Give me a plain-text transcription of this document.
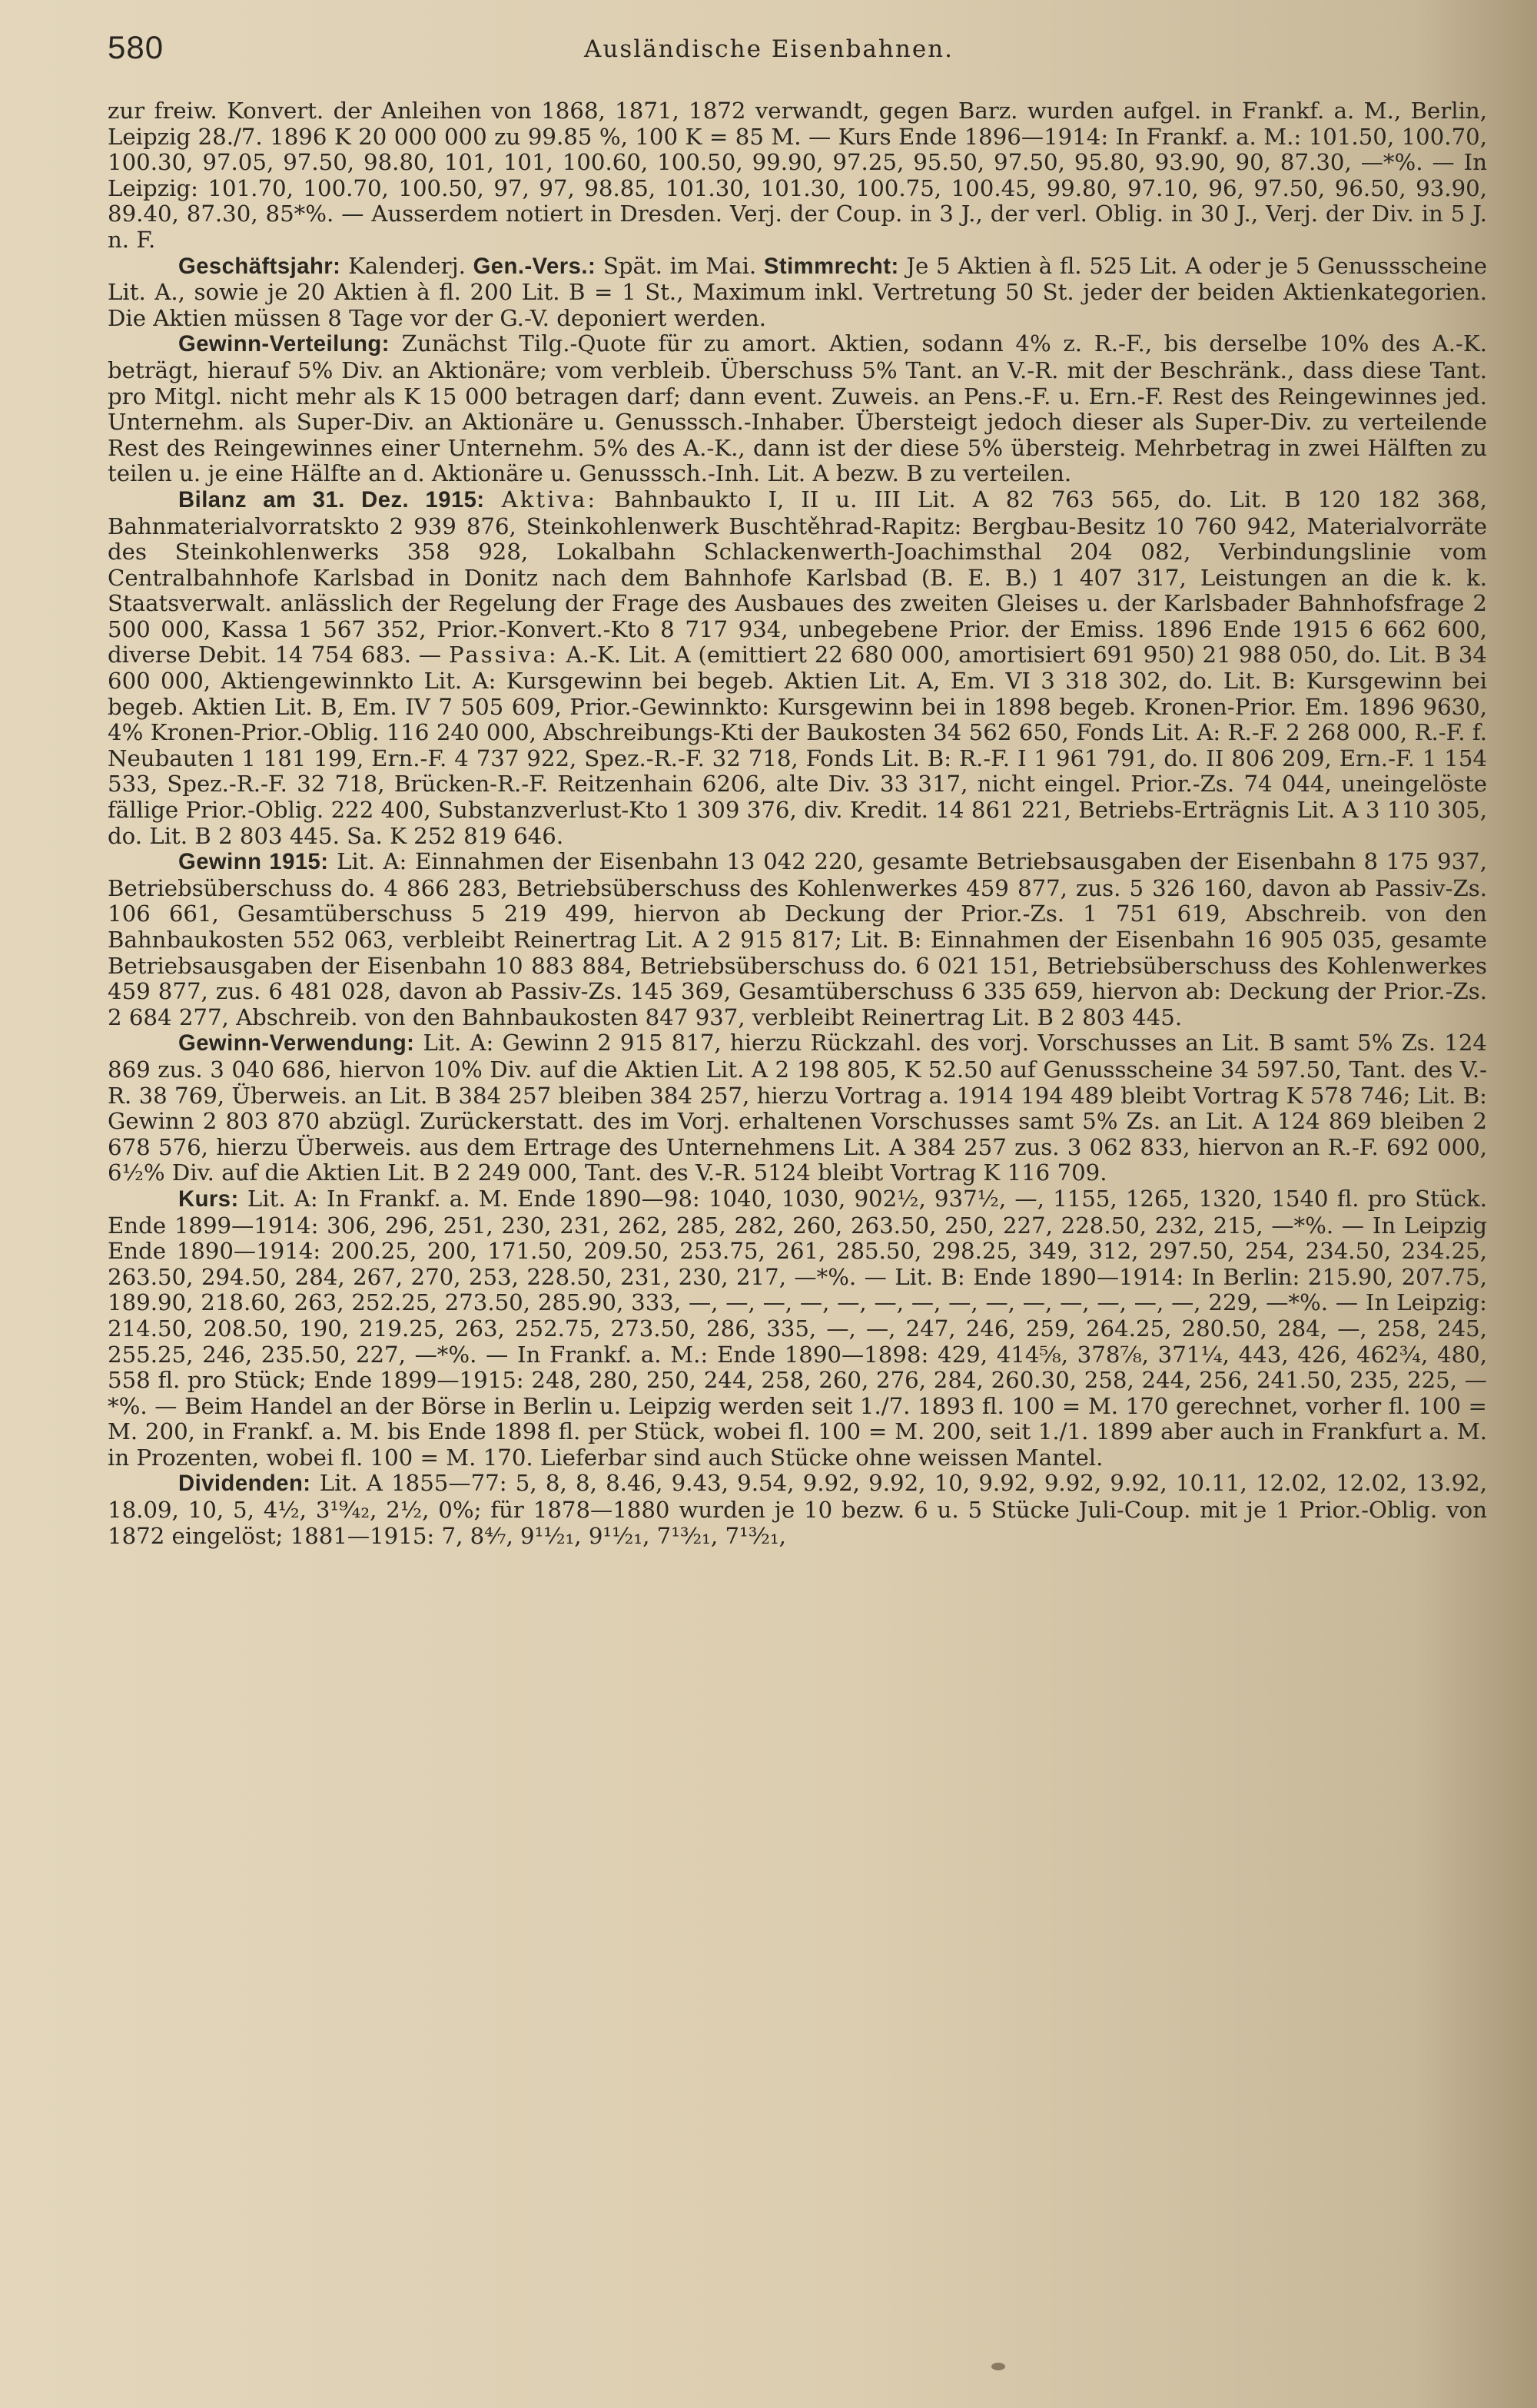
580	Ausländische Eisenbahnen.

zur freiw. Konvert. der Anleihen von 1868, 1871, 1872 verwandt, gegen Barz. wurden aufgel. in Frankf. a. M., Berlin, Leipzig 28./7. 1896 K 20 000 000 zu 99.85 %, 100 K = 85 M. — Kurs Ende 1896—1914: In Frankf. a. M.: 101.50, 100.70, 100.30, 97.05, 97.50, 98.80, 101, 101, 100.60, 100.50, 99.90, 97.25, 95.50, 97.50, 95.80, 93.90, 90, 87.30, —*%. — In Leipzig: 101.70, 100.70, 100.50, 97, 97, 98.85, 101.30, 101.30, 100.75, 100.45, 99.80, 97.10, 96, 97.50, 96.50, 93.90, 89.40, 87.30, 85*%. — Ausserdem notiert in Dresden. Verj. der Coup. in 3 J., der verl. Oblig. in 30 J., Verj. der Div. in 5 J. n. F.

Geschäftsjahr: Kalenderj. Gen.-Vers.: Spät. im Mai. Stimmrecht: Je 5 Aktien à fl. 525 Lit. A oder je 5 Genussscheine Lit. A., sowie je 20 Aktien à fl. 200 Lit. B = 1 St., Maximum inkl. Vertretung 50 St. jeder der beiden Aktienkategorien. Die Aktien müssen 8 Tage vor der G.-V. deponiert werden.

Gewinn-Verteilung: Zunächst Tilg.-Quote für zu amort. Aktien, sodann 4% z. R.-F., bis derselbe 10% des A.-K. beträgt, hierauf 5% Div. an Aktionäre; vom verbleib. Überschuss 5% Tant. an V.-R. mit der Beschränk., dass diese Tant. pro Mitgl. nicht mehr als K 15 000 betragen darf; dann event. Zuweis. an Pens.-F. u. Ern.-F. Rest des Reingewinnes jed. Unternehm. als Super-Div. an Aktionäre u. Genusssch.-Inhaber. Übersteigt jedoch dieser als Super-Div. zu verteilende Rest des Reingewinnes einer Unternehm. 5% des A.-K., dann ist der diese 5% übersteig. Mehrbetrag in zwei Hälften zu teilen u. je eine Hälfte an d. Aktionäre u. Genusssch.-Inh. Lit. A bezw. B zu verteilen.

Bilanz am 31. Dez. 1915: Aktiva: Bahnbaukto I, II u. III Lit. A 82 763 565, do. Lit. B 120 182 368, Bahnmaterialvorratskto 2 939 876, Steinkohlenwerk Buschtěhrad-Rapitz: Bergbau-Besitz 10 760 942, Materialvorräte des Steinkohlenwerks 358 928, Lokalbahn Schlackenwerth-Joachimsthal 204 082, Verbindungslinie vom Centralbahnhofe Karlsbad in Donitz nach dem Bahnhofe Karlsbad (B. E. B.) 1 407 317, Leistungen an die k. k. Staatsverwalt. anlässlich der Regelung der Frage des Ausbaues des zweiten Gleises u. der Karlsbader Bahnhofsfrage 2 500 000, Kassa 1 567 352, Prior.-Konvert.-Kto 8 717 934, unbegebene Prior. der Emiss. 1896 Ende 1915 6 662 600, diverse Debit. 14 754 683. — Passiva: A.-K. Lit. A (emittiert 22 680 000, amortisiert 691 950) 21 988 050, do. Lit. B 34 600 000, Aktiengewinnkto Lit. A: Kursgewinn bei begeb. Aktien Lit. A, Em. VI 3 318 302, do. Lit. B: Kursgewinn bei begeb. Aktien Lit. B, Em. IV 7 505 609, Prior.-Gewinnkto: Kursgewinn bei in 1898 begeb. Kronen-Prior. Em. 1896 9630, 4% Kronen-Prior.-Oblig. 116 240 000, Abschreibungs-Kti der Baukosten 34 562 650, Fonds Lit. A: R.-F. 2 268 000, R.-F. f. Neubauten 1 181 199, Ern.-F. 4 737 922, Spez.-R.-F. 32 718, Fonds Lit. B: R.-F. I 1 961 791, do. II 806 209, Ern.-F. 1 154 533, Spez.-R.-F. 32 718, Brücken-R.-F. Reitzenhain 6206, alte Div. 33 317, nicht eingel. Prior.-Zs. 74 044, uneingelöste fällige Prior.-Oblig. 222 400, Substanzverlust-Kto 1 309 376, div. Kredit. 14 861 221, Betriebs-Erträgnis Lit. A 3 110 305, do. Lit. B 2 803 445. Sa. K 252 819 646.

Gewinn 1915: Lit. A: Einnahmen der Eisenbahn 13 042 220, gesamte Betriebsausgaben der Eisenbahn 8 175 937, Betriebsüberschuss do. 4 866 283, Betriebsüberschuss des Kohlenwerkes 459 877, zus. 5 326 160, davon ab Passiv-Zs. 106 661, Gesamtüberschuss 5 219 499, hiervon ab Deckung der Prior.-Zs. 1 751 619, Abschreib. von den Bahnbaukosten 552 063, verbleibt Reinertrag Lit. A 2 915 817; Lit. B: Einnahmen der Eisenbahn 16 905 035, gesamte Betriebsausgaben der Eisenbahn 10 883 884, Betriebsüberschuss do. 6 021 151, Betriebsüberschuss des Kohlenwerkes 459 877, zus. 6 481 028, davon ab Passiv-Zs. 145 369, Gesamtüberschuss 6 335 659, hiervon ab: Deckung der Prior.-Zs. 2 684 277, Abschreib. von den Bahnbaukosten 847 937, verbleibt Reinertrag Lit. B 2 803 445.

Gewinn-Verwendung: Lit. A: Gewinn 2 915 817, hierzu Rückzahl. des vorj. Vorschusses an Lit. B samt 5% Zs. 124 869 zus. 3 040 686, hiervon 10% Div. auf die Aktien Lit. A 2 198 805, K 52.50 auf Genussscheine 34 597.50, Tant. des V.-R. 38 769, Überweis. an Lit. B 384 257 bleiben 384 257, hierzu Vortrag a. 1914 194 489 bleibt Vortrag K 578 746; Lit. B: Gewinn 2 803 870 abzügl. Zurückerstatt. des im Vorj. erhaltenen Vorschusses samt 5% Zs. an Lit. A 124 869 bleiben 2 678 576, hierzu Überweis. aus dem Ertrage des Unternehmens Lit. A 384 257 zus. 3 062 833, hiervon an R.-F. 692 000, 6½% Div. auf die Aktien Lit. B 2 249 000, Tant. des V.-R. 5124 bleibt Vortrag K 116 709.

Kurs: Lit. A: In Frankf. a. M. Ende 1890—98: 1040, 1030, 902½, 937½, —, 1155, 1265, 1320, 1540 fl. pro Stück. Ende 1899—1914: 306, 296, 251, 230, 231, 262, 285, 282, 260, 263.50, 250, 227, 228.50, 232, 215, —*%. — In Leipzig Ende 1890—1914: 200.25, 200, 171.50, 209.50, 253.75, 261, 285.50, 298.25, 349, 312, 297.50, 254, 234.50, 234.25, 263.50, 294.50, 284, 267, 270, 253, 228.50, 231, 230, 217, —*%. — Lit. B: Ende 1890—1914: In Berlin: 215.90, 207.75, 189.90, 218.60, 263, 252.25, 273.50, 285.90, 333, —, —, —, —, —, —, —, —, —, —, —, —, —, —, 229, —*%. — In Leipzig: 214.50, 208.50, 190, 219.25, 263, 252.75, 273.50, 286, 335, —, —, 247, 246, 259, 264.25, 280.50, 284, —, 258, 245, 255.25, 246, 235.50, 227, —*%. — In Frankf. a. M.: Ende 1890—1898: 429, 414⅝, 378⅞, 371¼, 443, 426, 462¾, 480, 558 fl. pro Stück; Ende 1899—1915: 248, 280, 250, 244, 258, 260, 276, 284, 260.30, 258, 244, 256, 241.50, 235, 225, —*%. — Beim Handel an der Börse in Berlin u. Leipzig werden seit 1./7. 1893 fl. 100 = M. 170 gerechnet, vorher fl. 100 = M. 200, in Frankf. a. M. bis Ende 1898 fl. per Stück, wobei fl. 100 = M. 200, seit 1./1. 1899 aber auch in Frankfurt a. M. in Prozenten, wobei fl. 100 = M. 170. Lieferbar sind auch Stücke ohne weissen Mantel.

Dividenden: Lit. A 1855—77: 5, 8, 8, 8.46, 9.43, 9.54, 9.92, 9.92, 10, 9.92, 9.92, 9.92, 10.11, 12.02, 12.02, 13.92, 18.09, 10, 5, 4½, 3¹⁹⁄₄₂, 2½, 0%; für 1878—1880 wurden je 10 bezw. 6 u. 5 Stücke Juli-Coup. mit je 1 Prior.-Oblig. von 1872 eingelöst; 1881—1915: 7, 8⁴⁄₇, 9¹¹⁄₂₁, 9¹¹⁄₂₁, 7¹³⁄₂₁, 7¹³⁄₂₁,
